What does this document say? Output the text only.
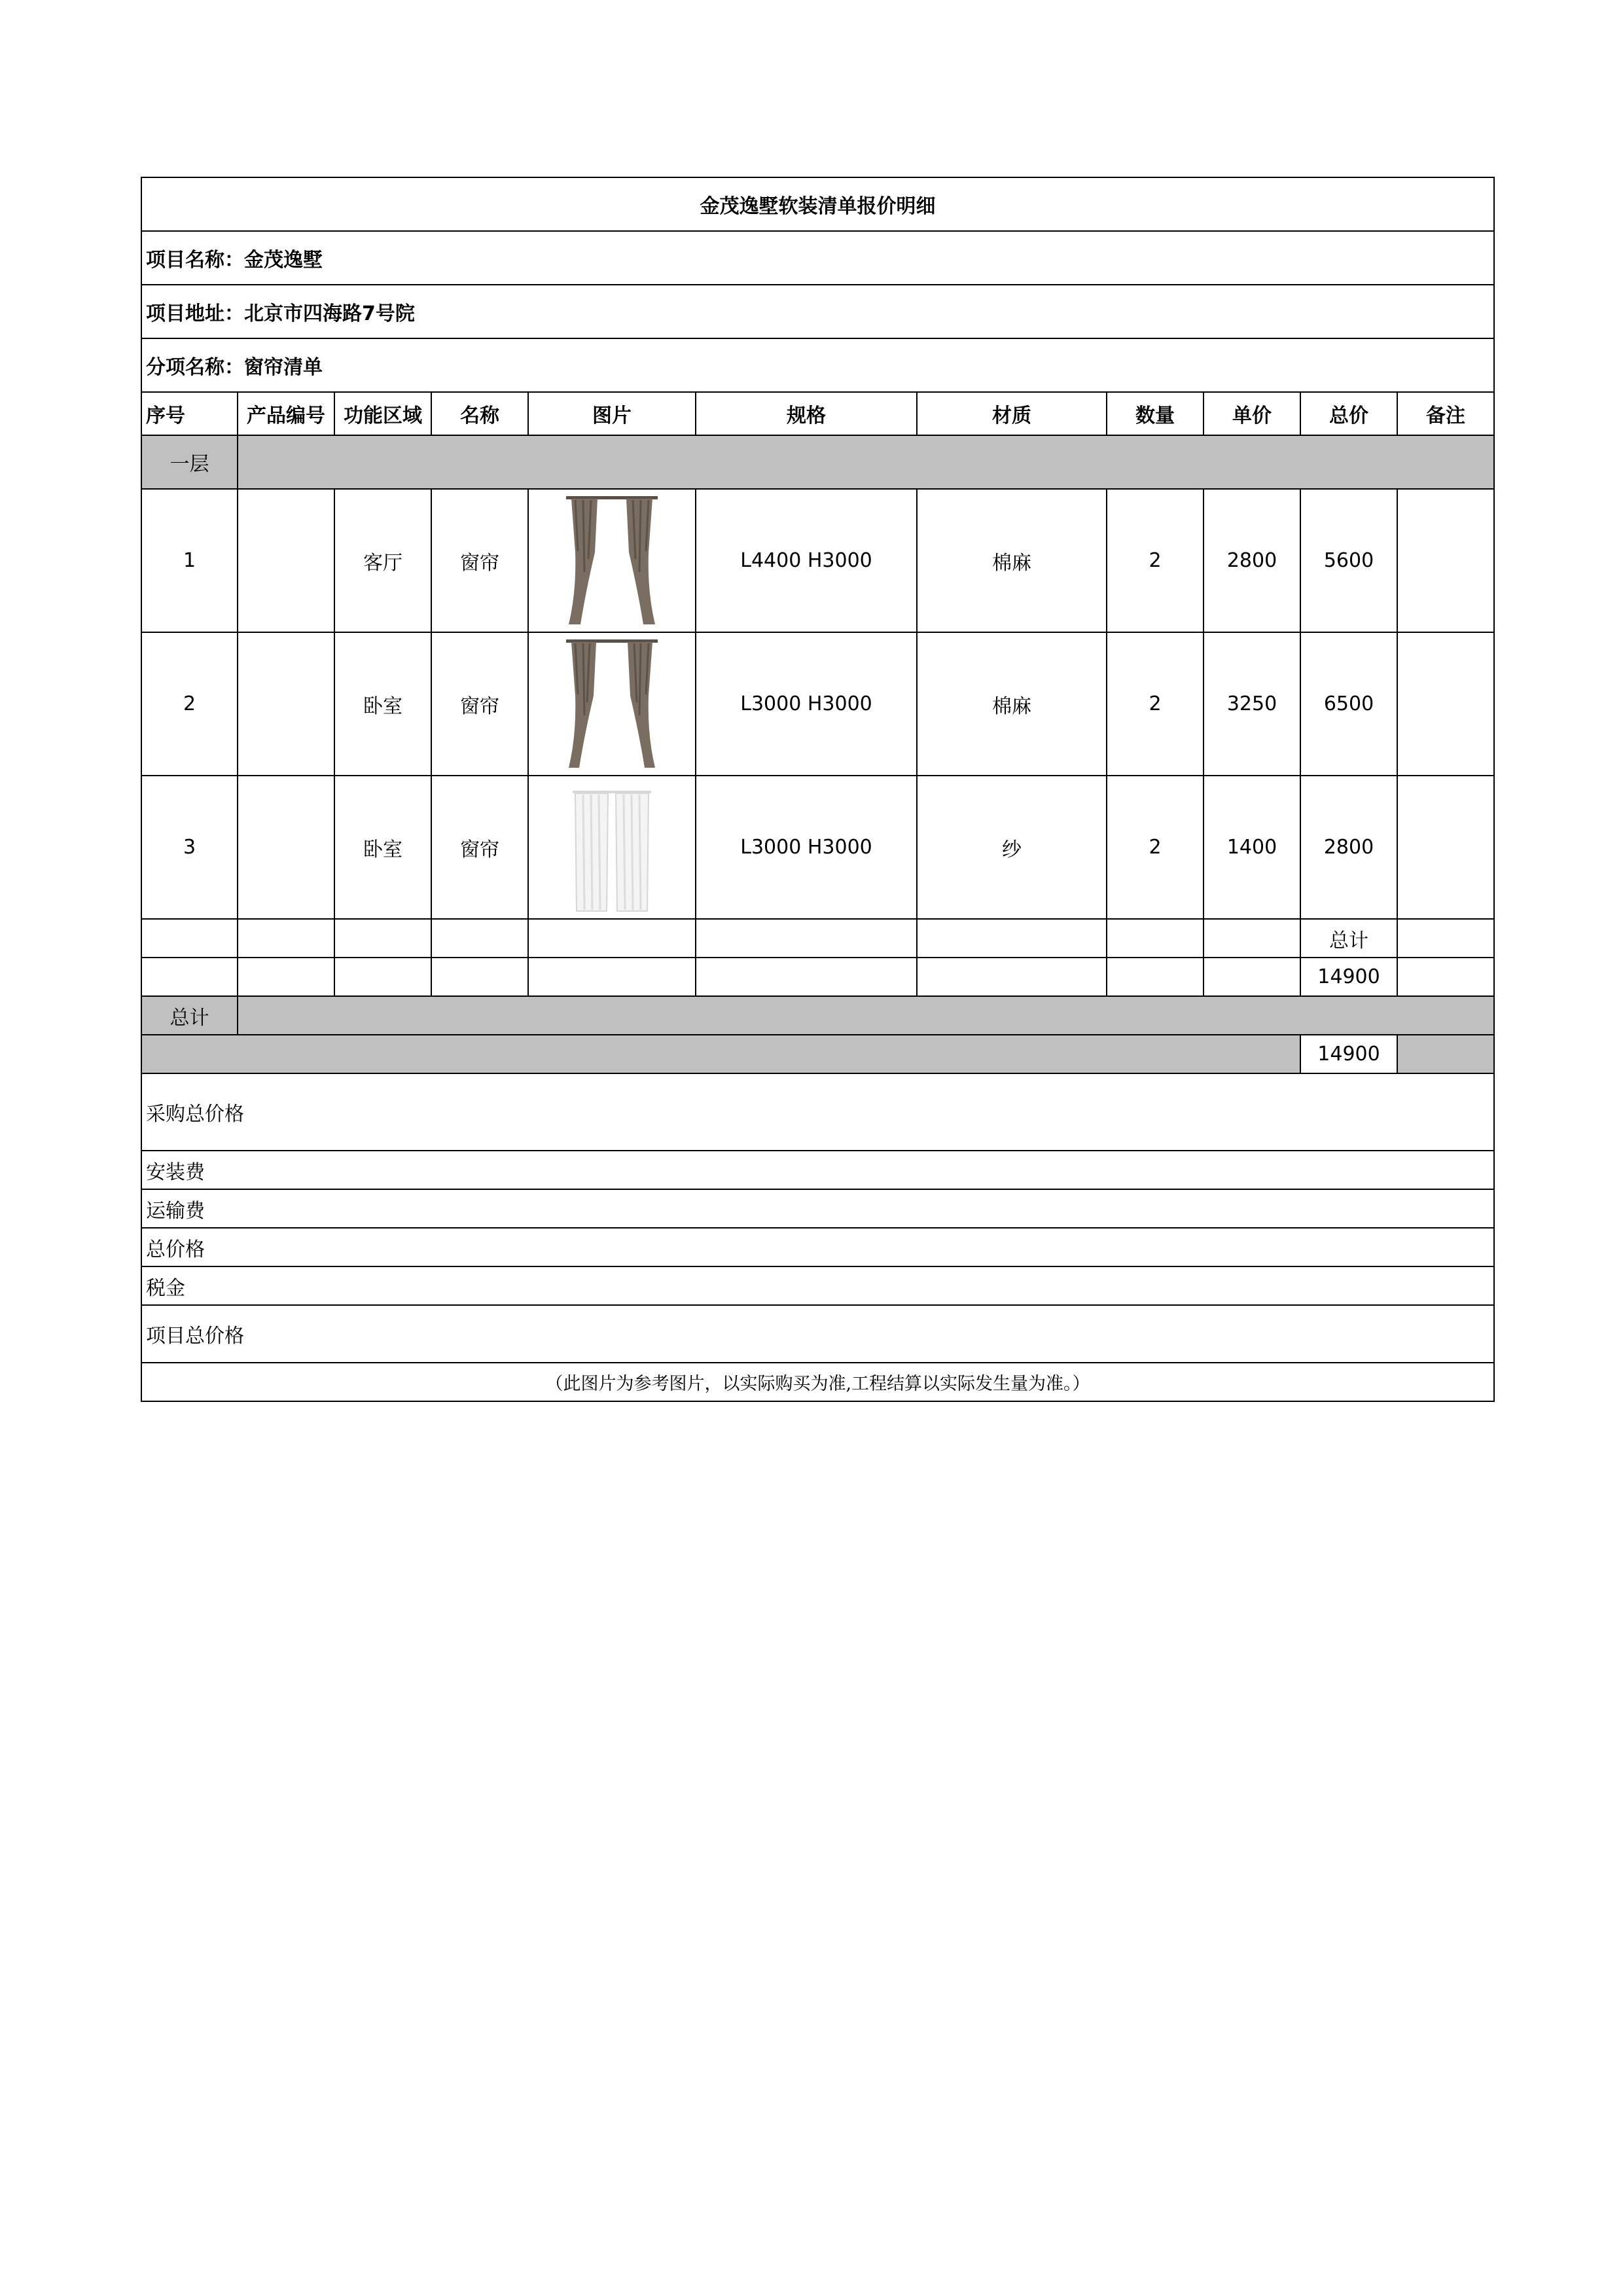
金茂逸墅软装清单报价明细										
项目名称：金茂逸墅										
项目地址：北京市四海路7号院										
分项名称：窗帘清单										
序号	产品编号	功能区域	名称	图片	规格	材质	数量	单价	总价	备注
一层										
1		客厅	窗帘		L4400 H3000	棉麻	2	2800	5600	
2		卧室	窗帘		L3000 H3000	棉麻	2	3250	6500	
3		卧室	窗帘		L3000 H3000	纱	2	1400	2800	
									总计	
									14900	
总计										
									14900	
采购总价格										
安装费										
运输费										
总价格										
税金										
项目总价格										
（此图片为参考图片，以实际购买为准,工程结算以实际发生量为准。）										
